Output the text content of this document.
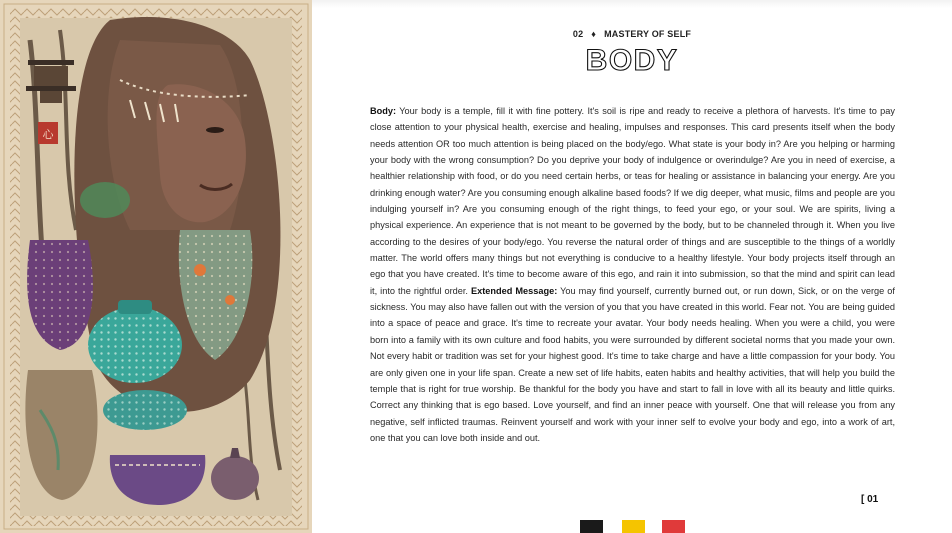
心
02 ♦ MASTERY OF SELF
BODY
Body: Your body is a temple, fill it with fine pottery. It's soil is ripe and ready to receive a plethora of harvests. It's time to pay close attention to your physical health, exercise and healing, impulses and responses. This card presents itself when the body needs attention OR too much attention is being placed on the body/ego. What state is your body in? Are you helping or harming your body with the wrong consumption? Do you deprive your body of indulgence or overindulge? Are you in need of exercise, a healthier relationship with food, or do you need certain herbs, or teas for healing or assistance in balancing your energy. Are you drinking enough water? Are you consuming enough alkaline based foods? If we dig deeper, what music, films and people are you indulging yourself in? Are you consuming enough of the right things, to feed your ego, or your soul. We are spirits, living a physical experience. An experience that is not meant to be governed by the body, but to be channeled through it. When you live according to the desires of your body/ego. You reverse the natural order of things and are susceptible to the things of a worldly matter. The world offers many things but not everything is conducive to a healthy lifestyle. Your body projects itself through an ego that you have created. It's time to become aware of this ego, and rain it into submission, so that the mind and spirit can lead it, into the rightful order. Extended Message: You may find yourself, currently burned out, or run down, Sick, or on the verge of sickness. You may also have fallen out with the version of you that you have created in this world. Fear not. You are being guided into a space of peace and grace. It's time to recreate your avatar. Your body needs healing. When you were a child, you were born into a family with its own culture and food habits, you were surrounded by different societal norms that you made your own. Not every habit or tradition was set for your highest good. It's time to take charge and have a little compassion for your body. You are only given one in your life span. Create a new set of life habits, eaten habits and healthy activities, that will help you build the temple that is right for true worship. Be thankful for the body you have and start to fall in love with all its beauty and little quirks. Correct any thinking that is ego based. Love yourself, and find an inner peace with yourself. One that will release you from any negative, self inflicted traumas. Reinvent yourself and work with your inner self to evolve your body and ego, into a work of art, one that you can love both inside and out.
[ 01
